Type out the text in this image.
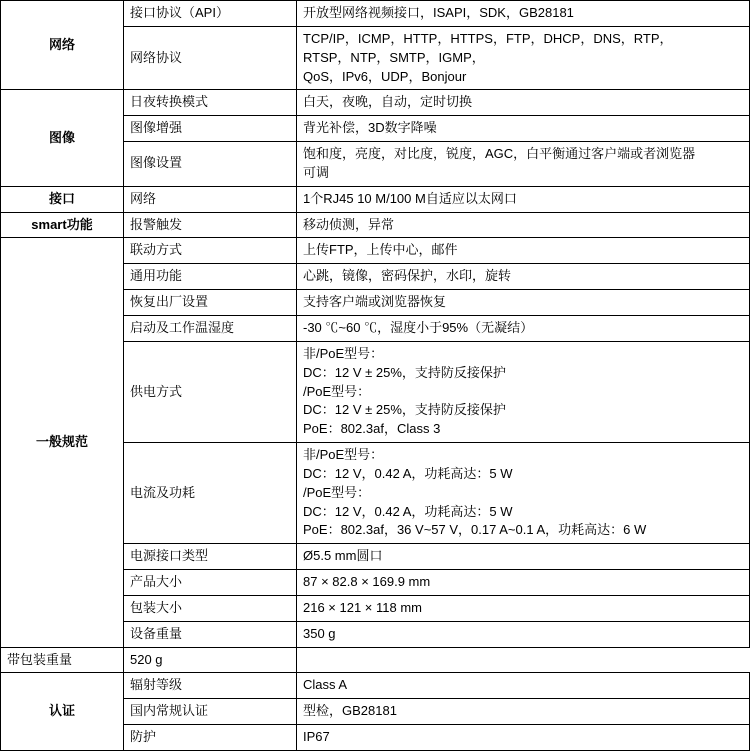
网络	接口协议（API）	开放型网络视频接口，ISAPI，SDK，GB28181

	网络协议	TCP/IP，ICMP，HTTP，HTTPS，FTP，DHCP，DNS，RTP，
RTSP，NTP，SMTP，IGMP，
QoS，IPv6，UDP，Bonjour

图像	日夜转换模式	白天，夜晚，自动，定时切换

	图像增强	背光补偿，3D数字降噪

	图像设置	饱和度，亮度，对比度，锐度，AGC，白平衡通过客户端或者浏览器
可调

接口	网络	1个RJ45 10 M/100 M自适应以太网口

smart功能	报警触发	移动侦测，异常

一般规范	联动方式	上传FTP，上传中心，邮件

	通用功能	心跳，镜像，密码保护，水印，旋转

	恢复出厂设置	支持客户端或浏览器恢复

	启动及工作温湿度	-30 ℃~60 ℃，湿度小于95%（无凝结）

	供电方式	非/PoE型号：
DC：12 V ± 25%，支持防反接保护
/PoE型号：
DC：12 V ± 25%，支持防反接保护
PoE：802.3af，Class 3

	电流及功耗	非/PoE型号：
DC：12 V，0.42 A，功耗高达：5 W
/PoE型号：
DC：12 V，0.42 A，功耗高达：5 W
PoE：802.3af，36 V~57 V，0.17 A~0.1 A，功耗高达：6 W

	电源接口类型	Ø5.5 mm圆口

	产品大小	87 × 82.8 × 169.9 mm

	包装大小	216 × 121 × 118 mm

	设备重量	350 g

带包装重量	520 g	

认证	辐射等级	Class A

	国内常规认证	型检，GB28181

	防护	IP67
